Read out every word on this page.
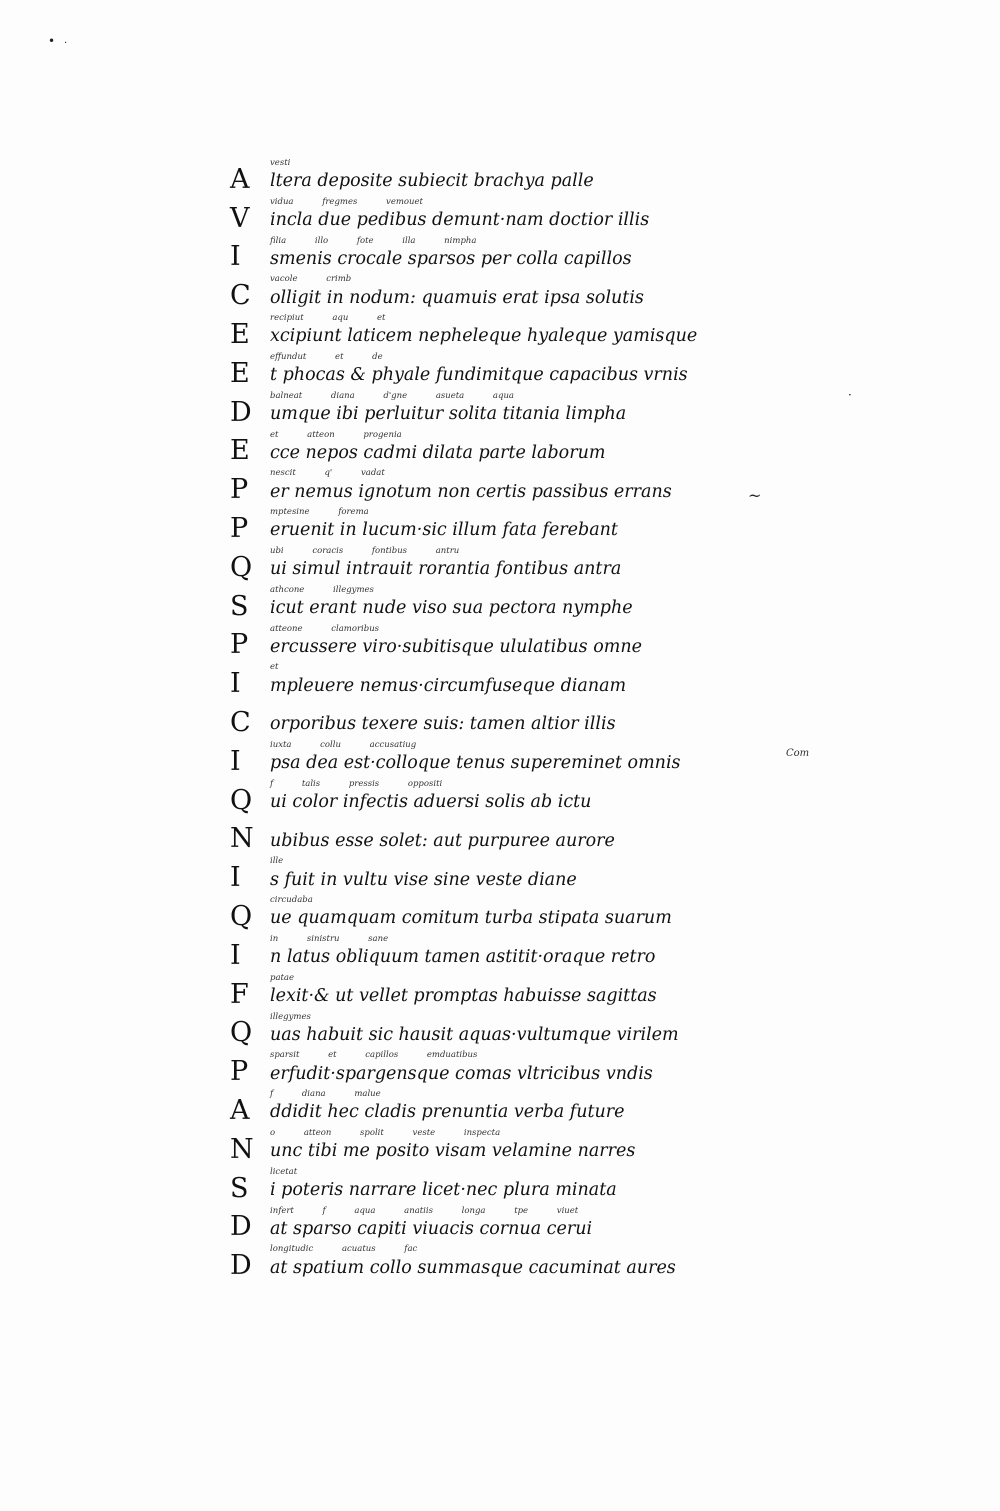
• ·
·
~
vesti
A	ltera deposite subiecit brachya palle
vidua fregmes vemouet
V	incla due pedibus demunt·nam doctior illis
filia illo fote illa nimpha
I	smenis crocale sparsos per colla capillos
vacole crimb
C	olligit in nodum: quamuis erat ipsa solutis
recipiut aqu et
E	xcipiunt laticem nepheleque hyaleque yamisque
effundut et de
E	t phocas & phyale fundimitque capacibus vrnis
balneat diana d'gne asueta aqua
D	umque ibi perluitur solita titania limpha
et atteon progenia
E	cce nepos cadmi dilata parte laborum
nescit q' vadat
P	er nemus ignotum non certis passibus errans
mptesine forema
P	eruenit in lucum·sic illum fata ferebant
ubi coracis fontibus antru
Q	ui simul intrauit rorantia fontibus antra
athcone illegymes
S	icut erant nude viso sua pectora nymphe
atteone clamoribus
P	ercussere viro·subitisque ululatibus omne
et
I	mpleuere nemus·circumfuseque dianam
C	orporibus texere suis: tamen altior illis
iuxta collu accusatiug
I	psa dea est·colloque tenus supereminet omnis
f talis pressis oppositi
Q	ui color infectis aduersi solis ab ictu
N ubibus esse solet: aut purpuree aurore
ille
I	s fuit in vultu vise sine veste diane
circudaba
Q	ue quamquam comitum turba stipata suarum
in sinistru sane
I	n latus obliquum tamen astitit·oraque retro
patae
F	lexit·& ut vellet promptas habuisse sagittas
illegymes
Q	uas habuit sic hausit aquas·vultumque virilem
sparsit et capillos emduatibus
P	erfudit·spargensque comas vltricibus vndis
f diana malue
A	ddidit hec cladis prenuntia verba future
o atteon spolit veste inspecta
N unc tibi me posito visam velamine narres
licetat
S	i poteris narrare licet·nec plura minata
infert f aqua anatiis longa tpe viuet
D	at sparso capiti viuacis cornua cerui
longitudic acuatus fac
D	at spatium collo summasque cacuminat aures
Com
